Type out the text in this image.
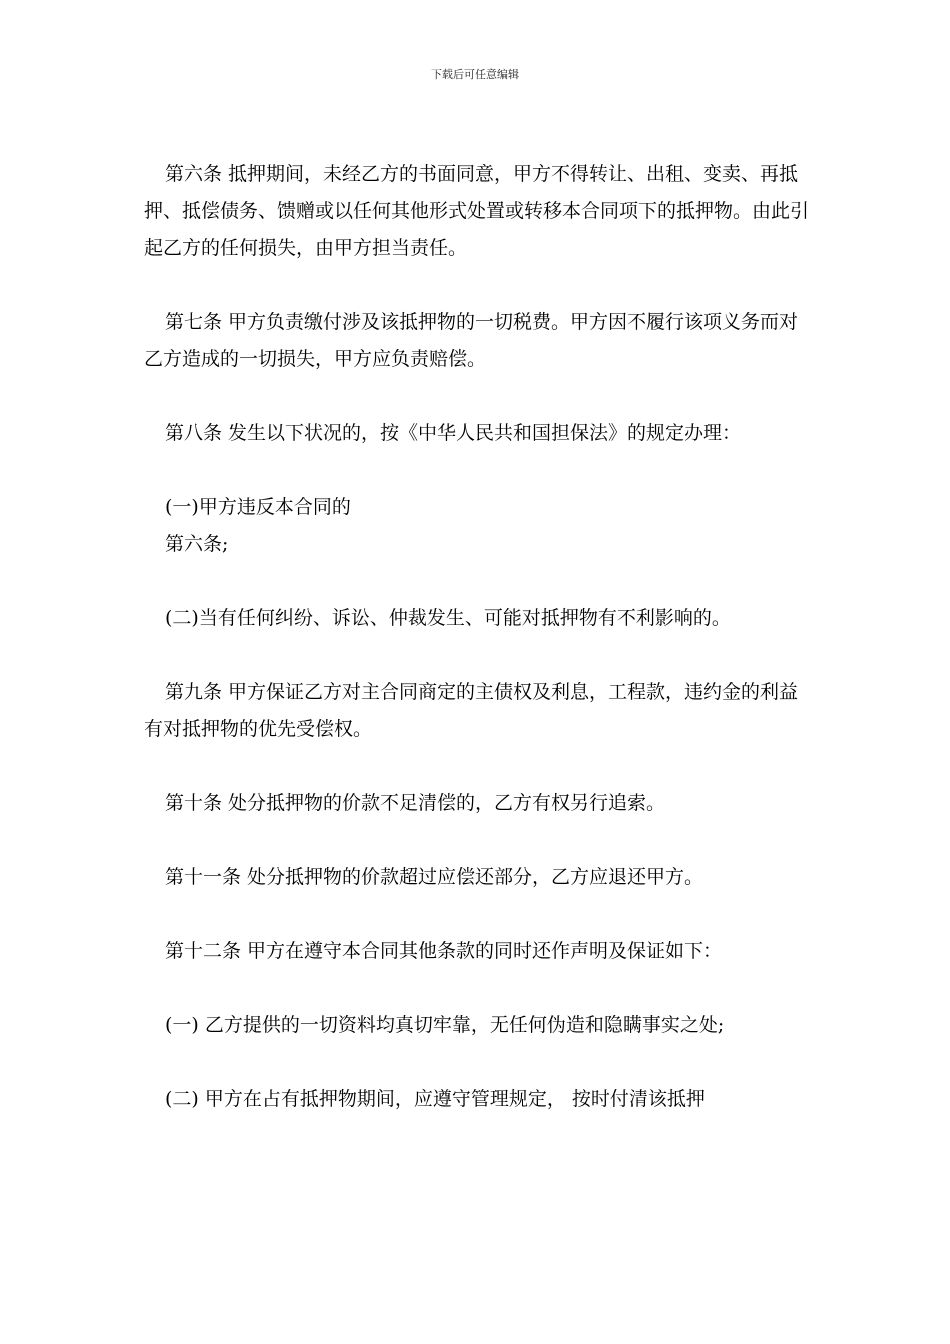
下载后可任意编辑

第六条 抵押期间，未经乙方的书面同意，甲方不得转让、出租、变卖、再抵押、抵偿债务、馈赠或以任何其他形式处置或转移本合同项下的抵押物。由此引起乙方的任何损失，由甲方担当责任。

第七条 甲方负责缴付涉及该抵押物的一切税费。甲方因不履行该项义务而对乙方造成的一切损失，甲方应负责赔偿。

第八条 发生以下状况的，按《中华人民共和国担保法》的规定办理：

(一)甲方违反本合同的

第六条;

(二)当有任何纠纷、诉讼、仲裁发生、可能对抵押物有不利影响的。

第九条 甲方保证乙方对主合同商定的主债权及利息，工程款，违约金的利益有对抵押物的优先受偿权。

第十条 处分抵押物的价款不足清偿的，乙方有权另行追索。

第十一条 处分抵押物的价款超过应偿还部分，乙方应退还甲方。

第十二条 甲方在遵守本合同其他条款的同时还作声明及保证如下：

(一) 乙方提供的一切资料均真切牢靠，无任何伪造和隐瞒事实之处;

(二) 甲方在占有抵押物期间，应遵守管理规定， 按时付清该抵押
